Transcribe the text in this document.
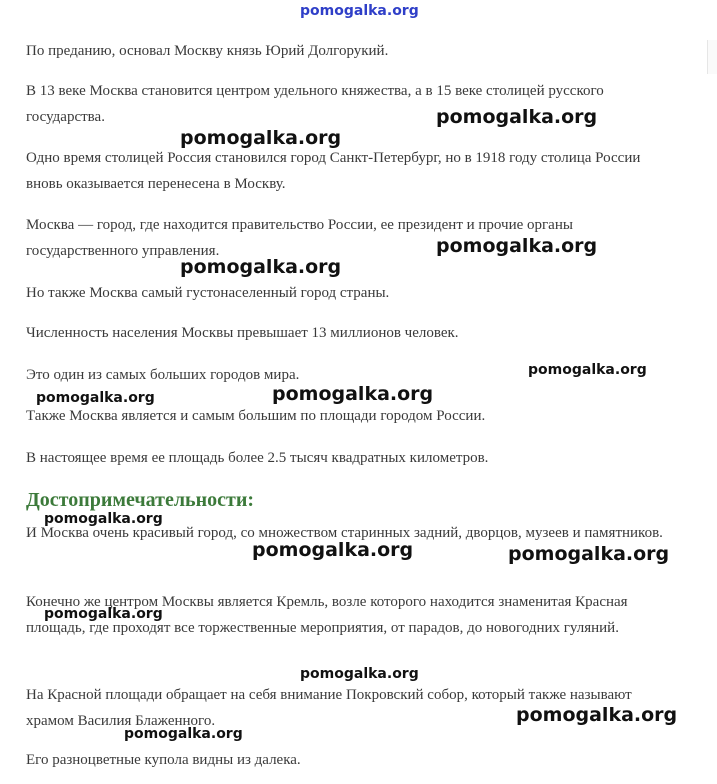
По преданию, основал Москву князь Юрий Долгорукий.

В 13 веке Москва становится центром удельного княжества, а в 15 веке столицей русского государства.

Одно время столицей Россия становился город Санкт-Петербург, но в 1918 году столица России вновь оказывается перенесена в Москву.

Москва — город, где находится правительство России, ее президент и прочие органы государственного управления.

Но также Москва самый густонаселенный город страны.

Численность населения Москвы превышает 13 миллионов человек.

Это один из самых больших городов мира.

Также Москва является и самым большим по площади городом России.

В настоящее время ее площадь более 2.5 тысяч квадратных километров.

Достопримечательности:

И Москва очень красивый город, со множеством старинных задний, дворцов, музеев и памятников.

Конечно же центром Москвы является Кремль, возле которого находится знаменитая Красная площадь, где проходят все торжественные мероприятия, от парадов, до новогодних гуляний.

На Красной площади обращает на себя внимание Покровский собор, который также называют храмом Василия Блаженного.

Его разноцветные купола видны из далека.

pomogalka.org
pomogalka.org
pomogalka.org
pomogalka.org
pomogalka.org
pomogalka.org
pomogalka.org
pomogalka.org
pomogalka.org
pomogalka.org	pomogalka.org
pomogalka.org
pomogalka.org
pomogalka.org
pomogalka.org
